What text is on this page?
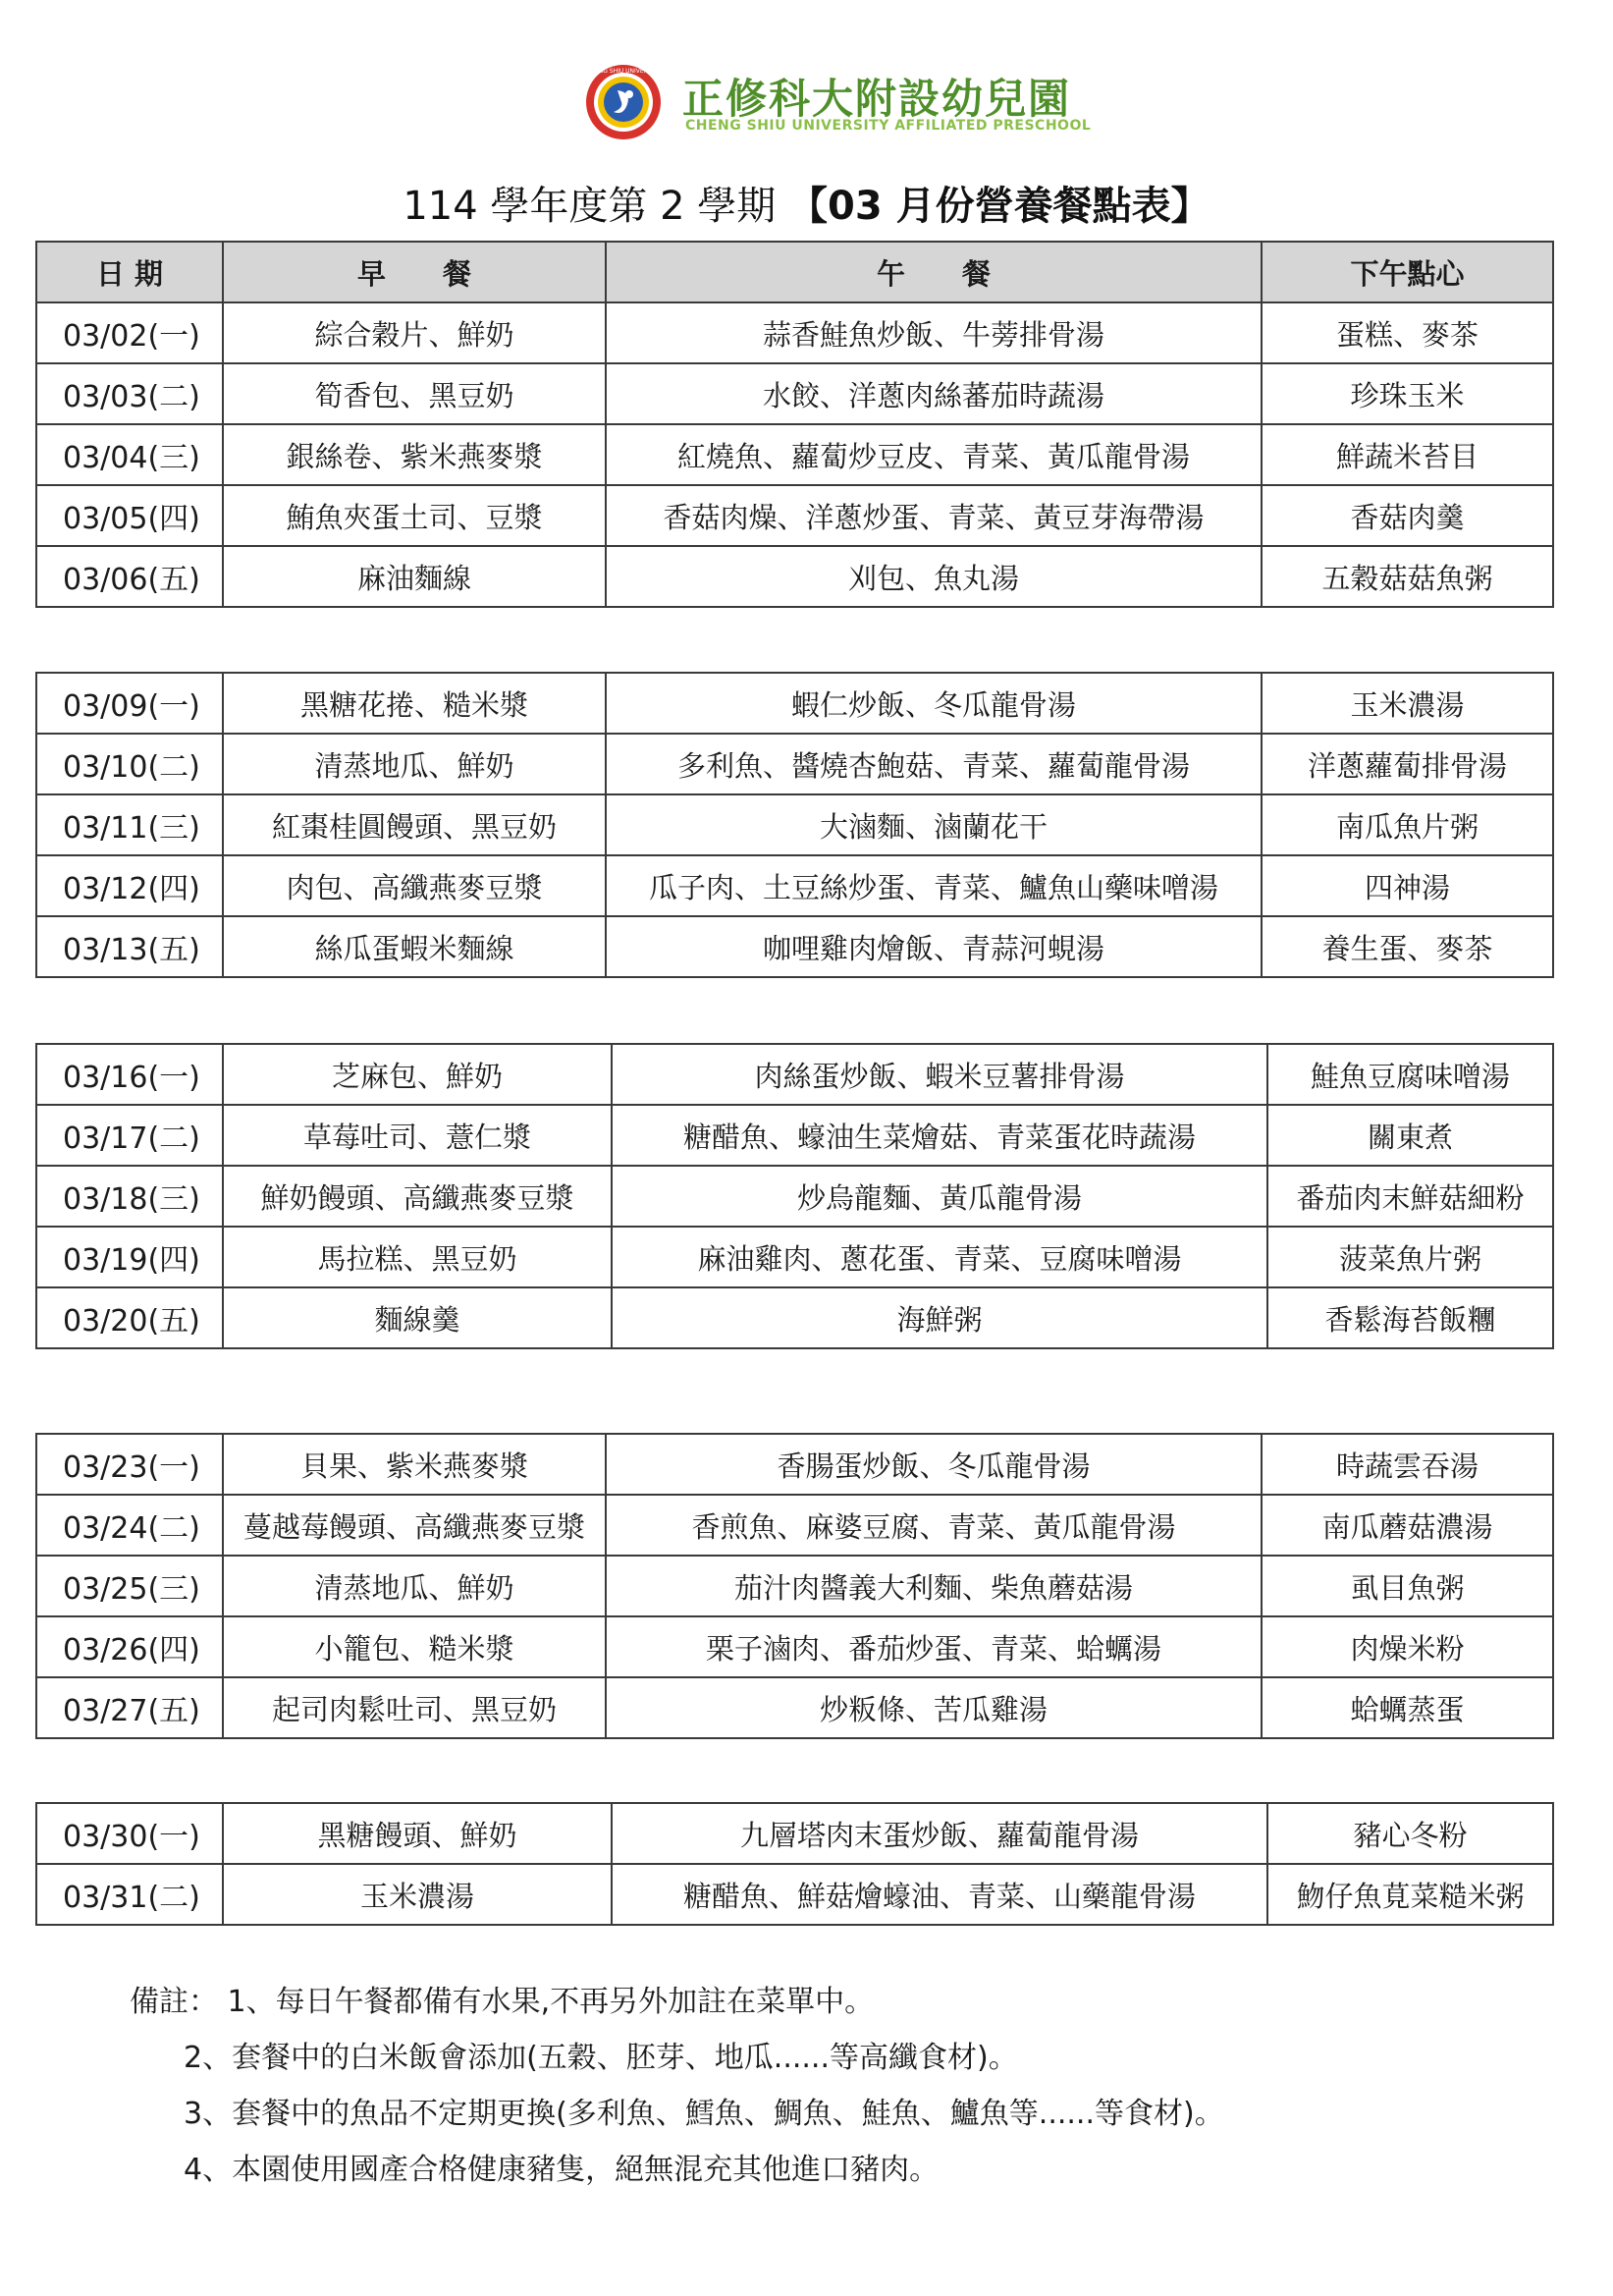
CHENG SHIU UNIVERSITY
正修科大附設幼兒園
CHENG SHIU UNIVERSITY AFFILIATED PRESCHOOL
114 學年度第 2 學期 【03 月份營養餐點表】
日 期	早　　餐	午　　餐	下午點心
03/02(一)	綜合穀片、鮮奶	蒜香鮭魚炒飯、牛蒡排骨湯	蛋糕、麥茶
03/03(二)	筍香包、黑豆奶	水餃、洋蔥肉絲蕃茄時蔬湯	珍珠玉米
03/04(三)	銀絲卷、紫米燕麥漿	紅燒魚、蘿蔔炒豆皮、青菜、黃瓜龍骨湯	鮮蔬米苔目
03/05(四)	鮪魚夾蛋土司、豆漿	香菇肉燥、洋蔥炒蛋、青菜、黃豆芽海帶湯	香菇肉羹
03/06(五)	麻油麵線	刈包、魚丸湯	五穀菇菇魚粥
03/09(一)	黑糖花捲、糙米漿	蝦仁炒飯、冬瓜龍骨湯	玉米濃湯
03/10(二)	清蒸地瓜、鮮奶	多利魚、醬燒杏鮑菇、青菜、蘿蔔龍骨湯	洋蔥蘿蔔排骨湯
03/11(三)	紅棗桂圓饅頭、黑豆奶	大滷麵、滷蘭花干	南瓜魚片粥
03/12(四)	肉包、高纖燕麥豆漿	瓜子肉、土豆絲炒蛋、青菜、鱸魚山藥味噌湯	四神湯
03/13(五)	絲瓜蛋蝦米麵線	咖哩雞肉燴飯、青蒜河蜆湯	養生蛋、麥茶
03/16(一)	芝麻包、鮮奶	肉絲蛋炒飯、蝦米豆薯排骨湯	鮭魚豆腐味噌湯
03/17(二)	草莓吐司、薏仁漿	糖醋魚、蠔油生菜燴菇、青菜蛋花時蔬湯	關東煮
03/18(三)	鮮奶饅頭、高纖燕麥豆漿	炒烏龍麵、黃瓜龍骨湯	番茄肉末鮮菇細粉
03/19(四)	馬拉糕、黑豆奶	麻油雞肉、蔥花蛋、青菜、豆腐味噌湯	菠菜魚片粥
03/20(五)	麵線羹	海鮮粥	香鬆海苔飯糰
03/23(一)	貝果、紫米燕麥漿	香腸蛋炒飯、冬瓜龍骨湯	時蔬雲吞湯
03/24(二)	蔓越莓饅頭、高纖燕麥豆漿	香煎魚、麻婆豆腐、青菜、黃瓜龍骨湯	南瓜蘑菇濃湯
03/25(三)	清蒸地瓜、鮮奶	茄汁肉醬義大利麵、柴魚蘑菇湯	虱目魚粥
03/26(四)	小籠包、糙米漿	栗子滷肉、番茄炒蛋、青菜、蛤蠣湯	肉燥米粉
03/27(五)	起司肉鬆吐司、黑豆奶	炒粄條、苦瓜雞湯	蛤蠣蒸蛋
03/30(一)	黑糖饅頭、鮮奶	九層塔肉末蛋炒飯、蘿蔔龍骨湯	豬心冬粉
03/31(二)	玉米濃湯	糖醋魚、鮮菇燴蠔油、青菜、山藥龍骨湯	魩仔魚莧菜糙米粥
備註： 1、每日午餐都備有水果,不再另外加註在菜單中。
2、套餐中的白米飯會添加(五穀、胚芽、地瓜......等高纖食材)。
3、套餐中的魚品不定期更換(多利魚、鱈魚、鯛魚、鮭魚、鱸魚等......等食材)。
4、本園使用國產合格健康豬隻，絕無混充其他進口豬肉。
